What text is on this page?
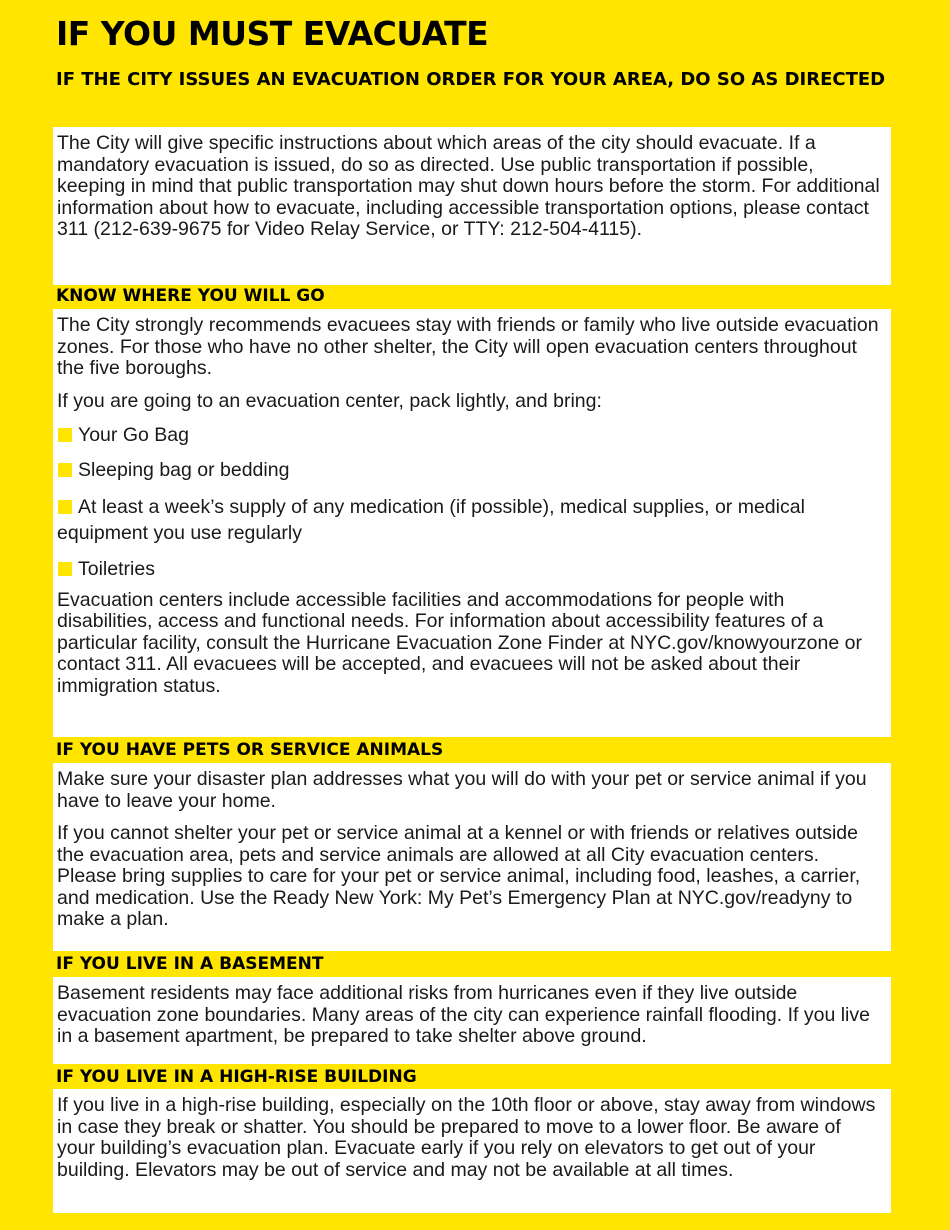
IF YOU MUST EVACUATE
IF THE CITY ISSUES AN EVACUATION ORDER FOR YOUR AREA, DO SO AS DIRECTED

The City will give specific instructions about which areas of the city should evacuate. If a mandatory evacuation is issued, do so as directed. Use public transportation if possible, keeping in mind that public transportation may shut down hours before the storm. For additional information about how to evacuate, including accessible transportation options, please contact 311 (212-639-9675 for Video Relay Service, or TTY: 212-504-4115).

KNOW WHERE YOU WILL GO

The City strongly recommends evacuees stay with friends or family who live outside evacuation zones. For those who have no other shelter, the City will open evacuation centers throughout the five boroughs.

If you are going to an evacuation center, pack lightly, and bring:

Your Go Bag
Sleeping bag or bedding
At least a week’s supply of any medication (if possible), medical supplies, or medical equipment you use regularly
Toiletries

Evacuation centers include accessible facilities and accommodations for people with disabilities, access and functional needs. For information about accessibility features of a particular facility, consult the Hurricane Evacuation Zone Finder at NYC.gov/knowyourzone or contact 311. All evacuees will be accepted, and evacuees will not be asked about their immigration status.

IF YOU HAVE PETS OR SERVICE ANIMALS

Make sure your disaster plan addresses what you will do with your pet or service animal if you have to leave your home.

If you cannot shelter your pet or service animal at a kennel or with friends or relatives outside the evacuation area, pets and service animals are allowed at all City evacuation centers. Please bring supplies to care for your pet or service animal, including food, leashes, a carrier, and medication. Use the Ready New York: My Pet’s Emergency Plan at NYC.gov/readyny to make a plan.

IF YOU LIVE IN A BASEMENT

Basement residents may face additional risks from hurricanes even if they live outside evacuation zone boundaries. Many areas of the city can experience rainfall flooding. If you live in a basement apartment, be prepared to take shelter above ground.

IF YOU LIVE IN A HIGH-RISE BUILDING

If you live in a high-rise building, especially on the 10th floor or above, stay away from windows in case they break or shatter. You should be prepared to move to a lower floor. Be aware of your building’s evacuation plan. Evacuate early if you rely on elevators to get out of your building. Elevators may be out of service and may not be available at all times.
